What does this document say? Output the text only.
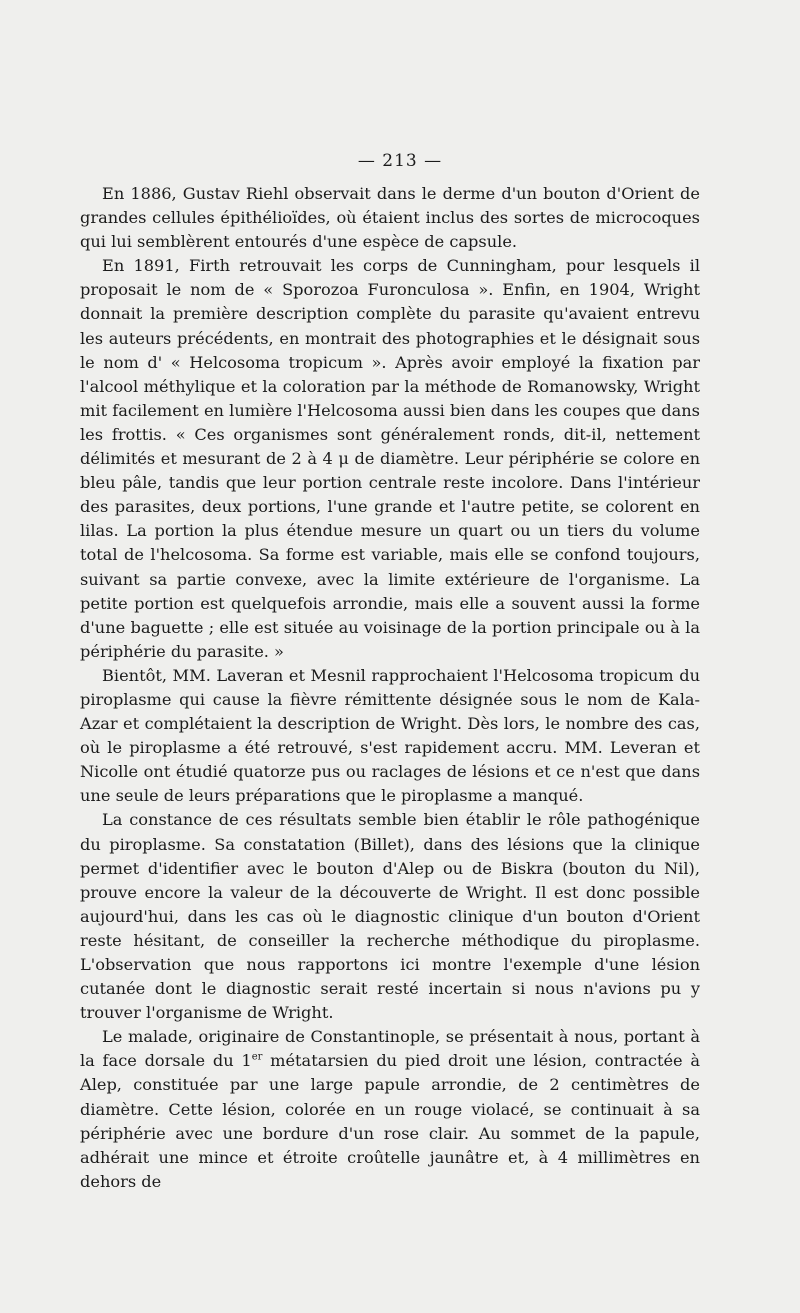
— 213 —

En 1886, Gustav Riehl observait dans le derme d'un bouton d'Orient de grandes cellules épithélioïdes, où étaient inclus des sortes de microcoques qui lui semblèrent entourés d'une espèce de capsule.

En 1891, Firth retrouvait les corps de Cunningham, pour lesquels il proposait le nom de « Sporozoa Furonculosa ». Enfin, en 1904, Wright donnait la première description complète du parasite qu'avaient entrevu les auteurs précédents, en montrait des photographies et le désignait sous le nom d' « Helcosoma tropicum ». Après avoir employé la fixation par l'alcool méthylique et la coloration par la méthode de Romanowsky, Wright mit facilement en lumière l'Helcosoma aussi bien dans les coupes que dans les frottis. « Ces organismes sont généralement ronds, dit-il, nettement délimités et mesurant de 2 à 4 μ de diamètre. Leur périphérie se colore en bleu pâle, tandis que leur portion centrale reste incolore. Dans l'intérieur des parasites, deux portions, l'une grande et l'autre petite, se colorent en lilas. La portion la plus étendue mesure un quart ou un tiers du volume total de l'helcosoma. Sa forme est variable, mais elle se confond toujours, suivant sa partie convexe, avec la limite extérieure de l'organisme. La petite portion est quelquefois arrondie, mais elle a souvent aussi la forme d'une baguette ; elle est située au voisinage de la portion principale ou à la périphérie du parasite. »

Bientôt, MM. Laveran et Mesnil rapprochaient l'Helcosoma tropicum du piroplasme qui cause la fièvre rémittente désignée sous le nom de Kala-Azar et complétaient la description de Wright. Dès lors, le nombre des cas, où le piroplasme a été retrouvé, s'est rapidement accru. MM. Leveran et Nicolle ont étudié quatorze pus ou raclages de lésions et ce n'est que dans une seule de leurs préparations que le piroplasme a manqué.

La constance de ces résultats semble bien établir le rôle pathogénique du piroplasme. Sa constatation (Billet), dans des lésions que la clinique permet d'identifier avec le bouton d'Alep ou de Biskra (bouton du Nil), prouve encore la valeur de la découverte de Wright. Il est donc possible aujourd'hui, dans les cas où le diagnostic clinique d'un bouton d'Orient reste hésitant, de conseiller la recherche méthodique du piroplasme. L'observation que nous rapportons ici montre l'exemple d'une lésion cutanée dont le diagnostic serait resté incertain si nous n'avions pu y trouver l'organisme de Wright.

Le malade, originaire de Constantinople, se présentait à nous, portant à la face dorsale du 1er métatarsien du pied droit une lésion, contractée à Alep, constituée par une large papule arrondie, de 2 centimètres de diamètre. Cette lésion, colorée en un rouge violacé, se continuait à sa périphérie avec une bordure d'un rose clair. Au sommet de la papule, adhérait une mince et étroite croûtelle jaunâtre et, à 4 millimètres en dehors de
